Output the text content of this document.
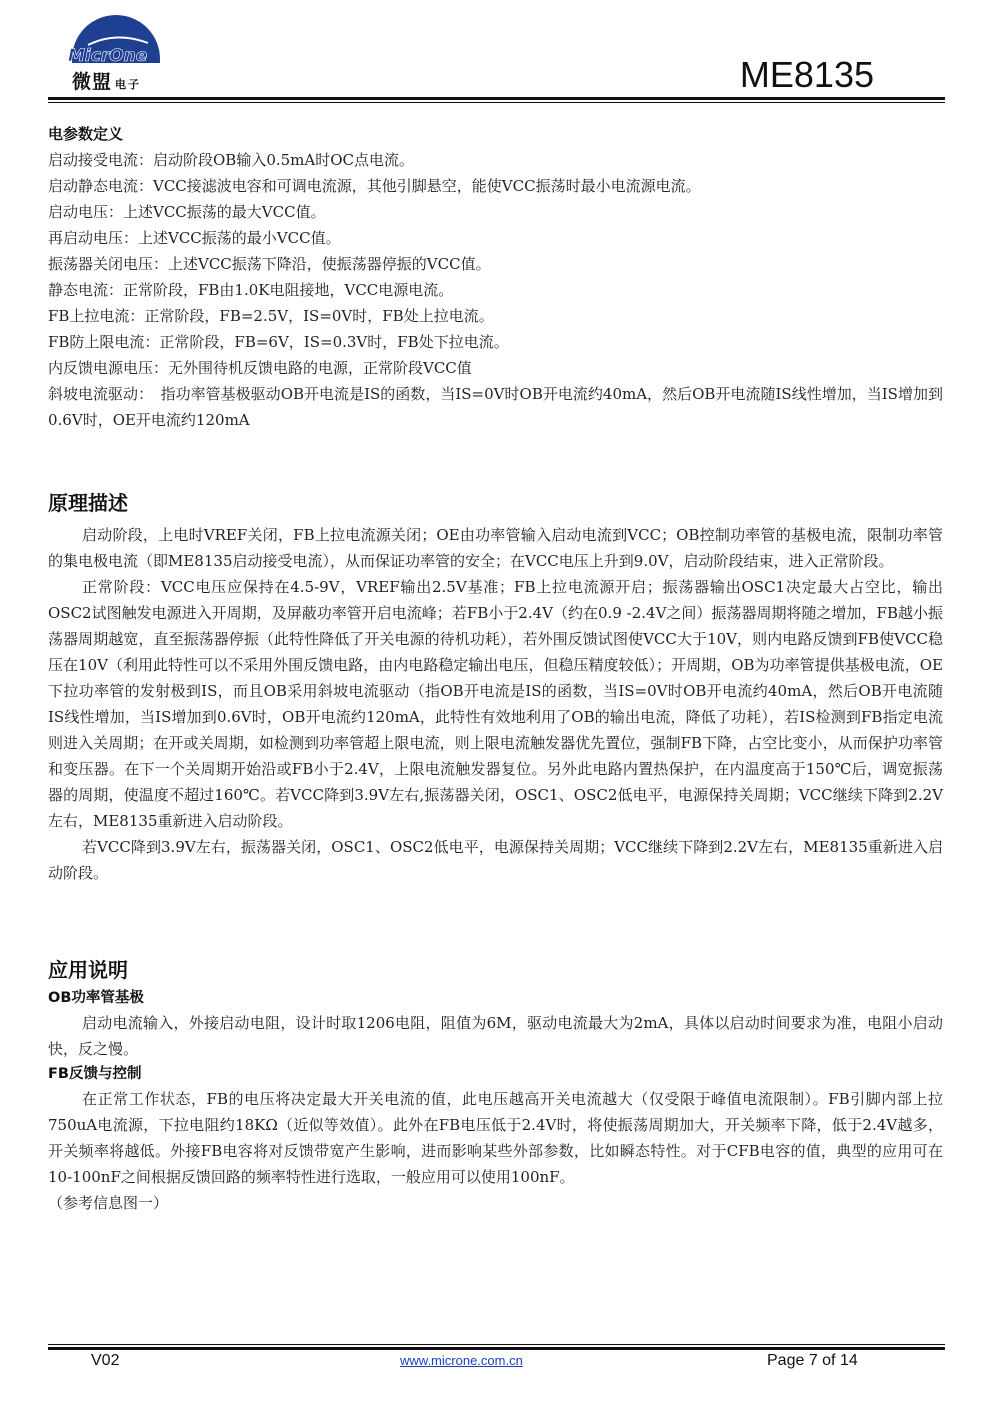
MicrOne
微盟 电子	ME8135
电参数定义
启动接受电流：启动阶段OB输入0.5mA时OC点电流。
启动静态电流：VCC接滤波电容和可调电流源，其他引脚悬空，能使VCC振荡时最小电流源电流。
启动电压：上述VCC振荡的最大VCC值。
再启动电压：上述VCC振荡的最小VCC值。
振荡器关闭电压：上述VCC振荡下降沿，使振荡器停振的VCC值。
静态电流：正常阶段，FB由1.0K电阻接地，VCC电源电流。
FB上拉电流：正常阶段，FB=2.5V，IS=0V时，FB处上拉电流。
FB防上限电流：正常阶段，FB=6V，IS=0.3V时，FB处下拉电流。
内反馈电源电压：无外围待机反馈电路的电源，正常阶段VCC值
斜坡电流驱动：　指功率管基极驱动OB开电流是IS的函数，当IS=0V时OB开电流约40mA，然后OB开电流随IS线性增加，当IS增加到0.6V时，OE开电流约120mA
原理描述

启动阶段，上电时VREF关闭，FB上拉电流源关闭；OE由功率管输入启动电流到VCC；OB控制功率管的基极电流，限制功率管的集电极电流（即ME8135启动接受电流），从而保证功率管的安全；在VCC电压上升到9.0V，启动阶段结束，进入正常阶段。

正常阶段：VCC电压应保持在4.5-9V，VREF输出2.5V基准；FB上拉电流源开启；振荡器输出OSC1决定最大占空比，输出OSC2试图触发电源进入开周期，及屏蔽功率管开启电流峰；若FB小于2.4V（约在0.9 -2.4V之间）振荡器周期将随之增加，FB越小振荡器周期越宽，直至振荡器停振（此特性降低了开关电源的待机功耗），若外围反馈试图使VCC大于10V，则内电路反馈到FB使VCC稳压在10V（利用此特性可以不采用外围反馈电路，由内电路稳定输出电压，但稳压精度较低）；开周期，OB为功率管提供基极电流，OE下拉功率管的发射极到IS，而且OB采用斜坡电流驱动（指OB开电流是IS的函数，当IS=0V时OB开电流约40mA，然后OB开电流随IS线性增加，当IS增加到0.6V时，OB开电流约120mA，此特性有效地利用了OB的输出电流，降低了功耗），若IS检测到FB指定电流则进入关周期；在开或关周期，如检测到功率管超上限电流，则上限电流触发器优先置位，强制FB下降，占空比变小，从而保护功率管和变压器。在下一个关周期开始沿或FB小于2.4V，上限电流触发器复位。另外此电路内置热保护，在内温度高于150℃后，调宽振荡器的周期，使温度不超过160℃。若VCC降到3.9V左右,振荡器关闭，OSC1、OSC2低电平，电源保持关周期；VCC继续下降到2.2V左右，ME8135重新进入启动阶段。

若VCC降到3.9V左右，振荡器关闭，OSC1、OSC2低电平，电源保持关周期；VCC继续下降到2.2V左右，ME8135重新进入启动阶段。

应用说明
OB功率管基极

启动电流输入，外接启动电阻，设计时取1206电阻，阻值为6M，驱动电流最大为2mA，具体以启动时间要求为准，电阻小启动快，反之慢。

FB反馈与控制

在正常工作状态，FB的电压将决定最大开关电流的值，此电压越高开关电流越大（仅受限于峰值电流限制）。FB引脚内部上拉750uA电流源，下拉电阻约18KΩ（近似等效值）。此外在FB电压低于2.4V时，将使振荡周期加大，开关频率下降，低于2.4V越多，开关频率将越低。外接FB电容将对反馈带宽产生影响，进而影响某些外部参数，比如瞬态特性。对于CFB电容的值，典型的应用可在10-100nF之间根据反馈回路的频率特性进行选取，一般应用可以使用100nF。

（参考信息图一）
V02	www.microne.com.cn	Page 7 of 14
